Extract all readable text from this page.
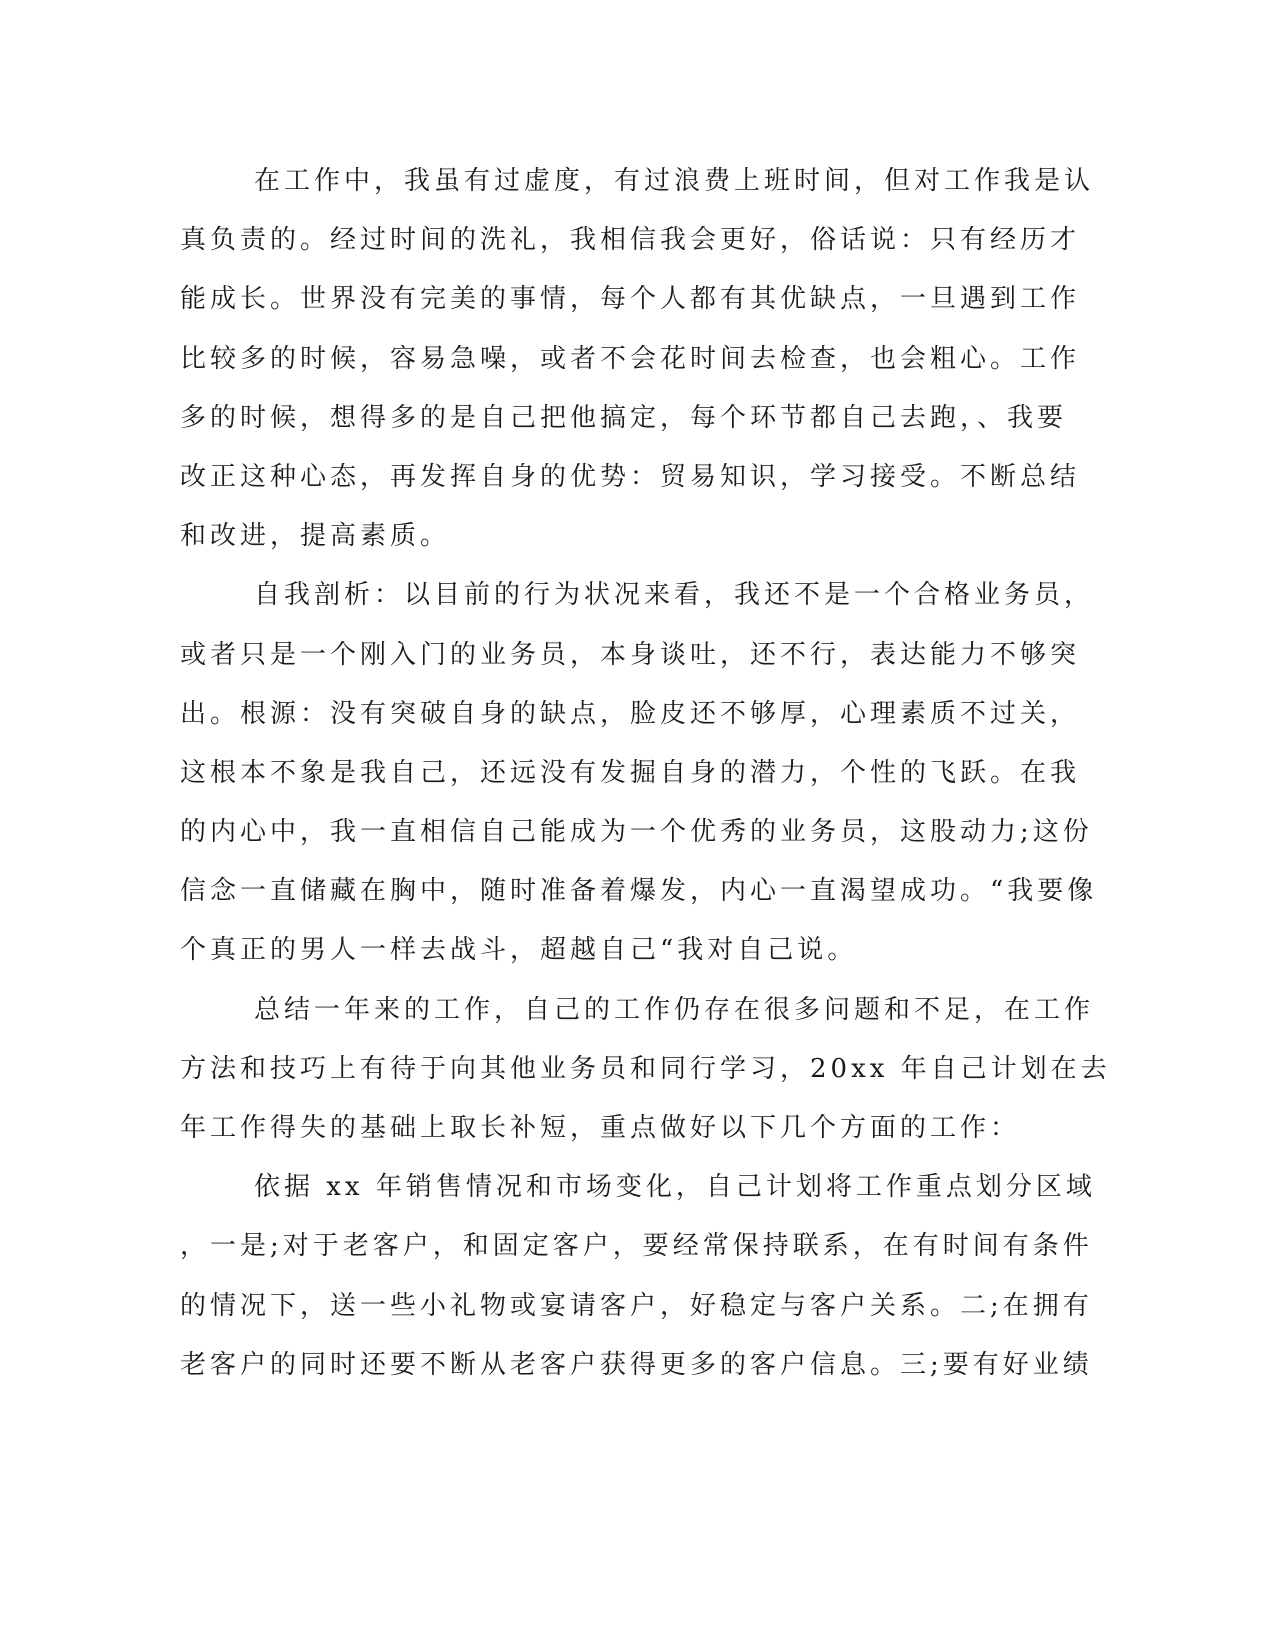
在工作中，我虽有过虚度，有过浪费上班时间，但对工作我是认
真负责的。经过时间的洗礼，我相信我会更好，俗话说：只有经历才
能成长。世界没有完美的事情，每个人都有其优缺点，一旦遇到工作
比较多的时候，容易急噪，或者不会花时间去检查，也会粗心。工作
多的时候，想得多的是自己把他搞定，每个环节都自己去跑，、我要
改正这种心态，再发挥自身的优势：贸易知识，学习接受。不断总结
和改进，提高素质。
自我剖析：以目前的行为状况来看，我还不是一个合格业务员，
或者只是一个刚入门的业务员，本身谈吐，还不行，表达能力不够突
出。根源：没有突破自身的缺点，脸皮还不够厚，心理素质不过关，
这根本不象是我自己，还远没有发掘自身的潜力，个性的飞跃。在我
的内心中，我一直相信自己能成为一个优秀的业务员，这股动力;这份
信念一直储藏在胸中，随时准备着爆发，内心一直渴望成功。“我要像
个真正的男人一样去战斗，超越自己“我对自己说。
总结一年来的工作，自己的工作仍存在很多问题和不足，在工作
方法和技巧上有待于向其他业务员和同行学习，20xx 年自己计划在去
年工作得失的基础上取长补短，重点做好以下几个方面的工作：
依据 xx 年销售情况和市场变化，自己计划将工作重点划分区域
，一是;对于老客户，和固定客户，要经常保持联系，在有时间有条件
的情况下，送一些小礼物或宴请客户，好稳定与客户关系。二;在拥有
老客户的同时还要不断从老客户获得更多的客户信息。三;要有好业绩
